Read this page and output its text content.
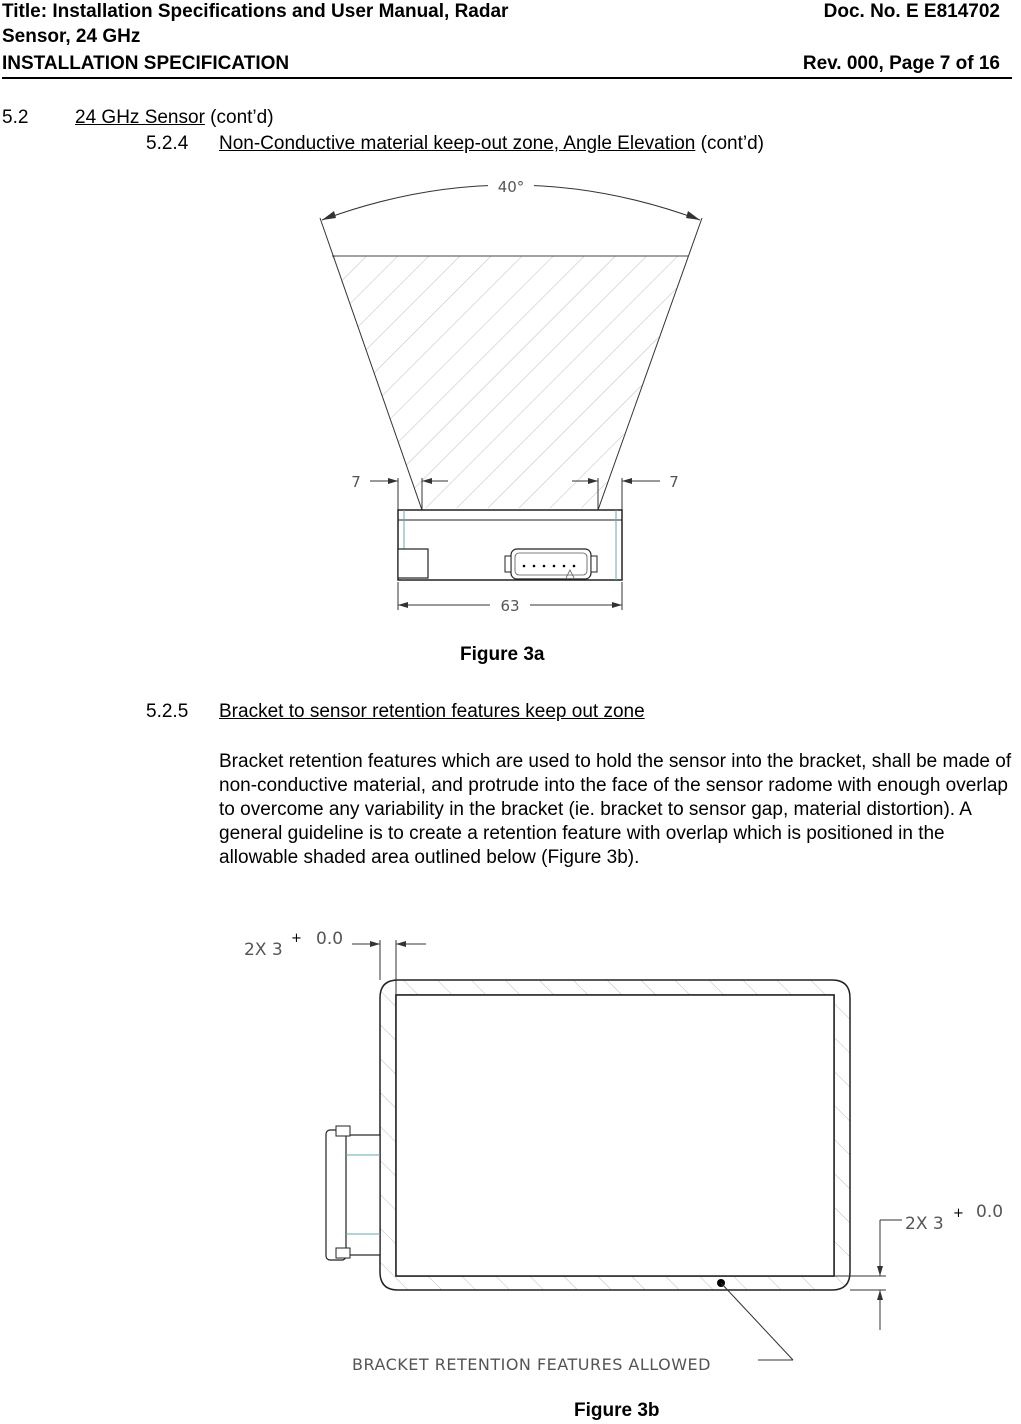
Title: Installation Specifications and User Manual, Radar
Sensor, 24 GHz
INSTALLATION SPECIFICATION
Doc. No. E E814702
Rev. 000, Page 7 of 16
5.2 24 GHz Sensor (cont’d)
5.2.4 Non-Conductive material keep-out zone, Angle Elevation (cont’d)
40°
7	7
63
Figure 3a
5.2.5 Bracket to sensor retention features keep out zone
Bracket retention features which are used to hold the sensor into the bracket, shall be made of non-conductive material, and protrude into the face of the sensor radome with enough overlap to overcome any variability in the bracket (ie. bracket to sensor gap, material distortion). A general guideline is to create a retention feature with overlap which is positioned in the allowable shaded area outlined below (Figure 3b).
2X 3
+ 0.0
2X 3
+ 0.0
BRACKET RETENTION FEATURES ALLOWED
Figure 3b
